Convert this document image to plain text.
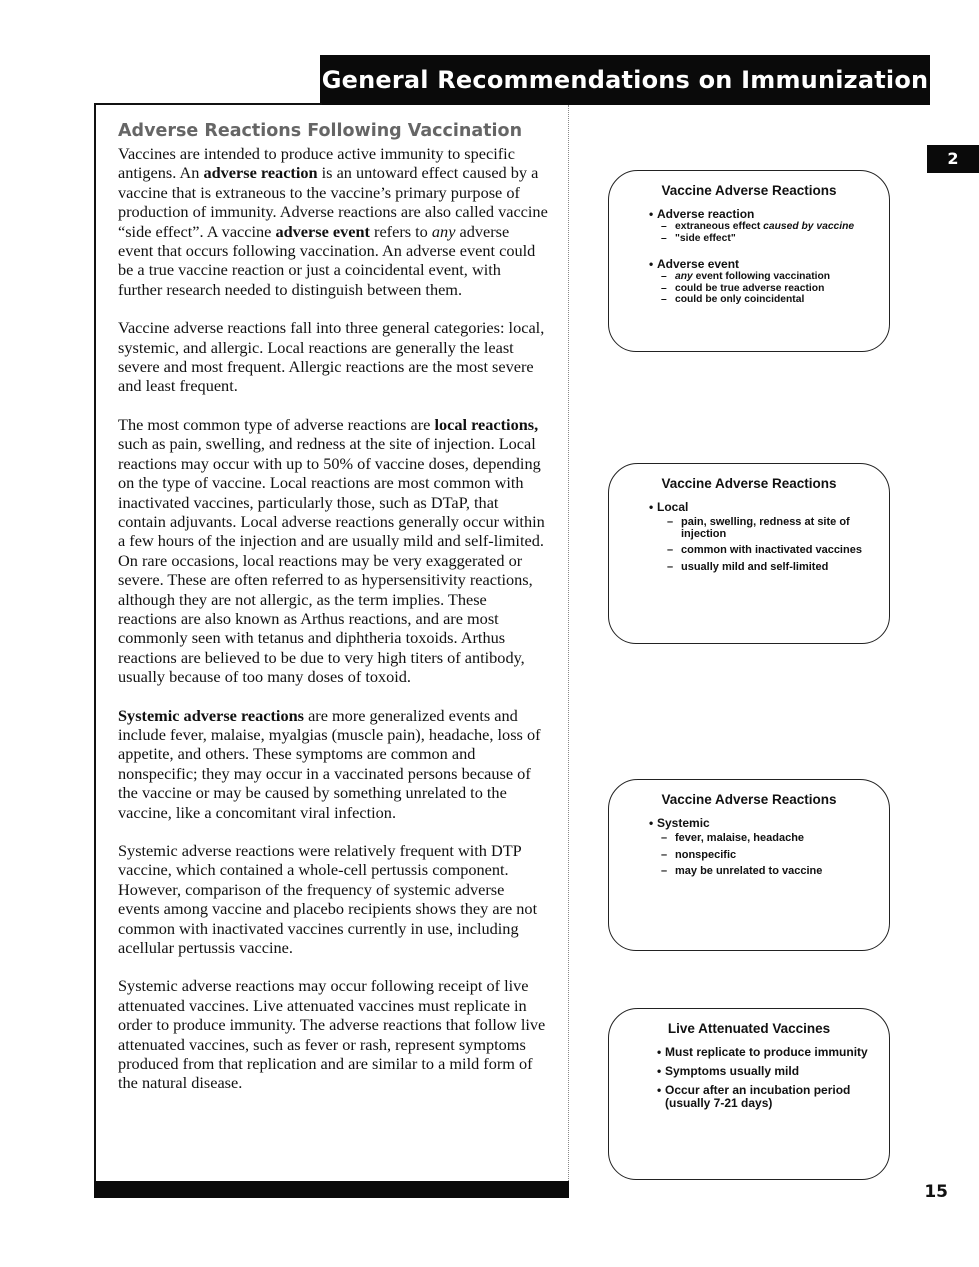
General Recommendations on Immunization
2
Adverse Reactions Following Vaccination

Vaccines are intended to produce active immunity to specific antigens. An adverse reaction is an untoward effect caused by a vaccine that is extraneous to the vaccine’s primary purpose of production of immunity. Adverse reactions are also called vaccine “side effect”. A vaccine adverse event refers to any adverse event that occurs following vaccination. An adverse event could be a true vaccine reaction or just a coincidental event, with further research needed to distinguish between them.

Vaccine adverse reactions fall into three general categories: local, systemic, and allergic. Local reactions are generally the least severe and most frequent. Allergic reactions are the most severe and least frequent.

The most common type of adverse reactions are local reactions, such as pain, swelling, and redness at the site of injection. Local reactions may occur with up to 50% of vaccine doses, depending on the type of vaccine. Local reactions are most common with inactivated vaccines, particularly those, such as DTaP, that contain adjuvants. Local adverse reactions generally occur within a few hours of the injection and are usually mild and self-limited. On rare occasions, local reactions may be very exaggerated or severe. These are often referred to as hypersensitivity reactions, although they are not allergic, as the term implies. These reactions are also known as Arthus reactions, and are most commonly seen with tetanus and diphtheria toxoids. Arthus reactions are believed to be due to very high titers of antibody, usually because of too many doses of toxoid.

Systemic adverse reactions are more generalized events and include fever, malaise, myalgias (muscle pain), headache, loss of appetite, and others. These symptoms are common and nonspecific; they may occur in a vaccinated persons because of the vaccine or may be caused by something unrelated to the vaccine, like a concomitant viral infection.

Systemic adverse reactions were relatively frequent with DTP vaccine, which contained a whole-cell pertussis component. However, comparison of the frequency of systemic adverse events among vaccine and placebo recipients shows they are not common with inactivated vaccines currently in use, including acellular pertussis vaccine.

Systemic adverse reactions may occur following receipt of live attenuated vaccines. Live attenuated vaccines must replicate in order to produce immunity. The adverse reactions that follow live attenuated vaccines, such as fever or rash, represent symptoms produced from that replication and are similar to a mild form of the natural disease.

Vaccine Adverse Reactions
• Adverse reaction
– extraneous effect caused by vaccine
– "side effect"
• Adverse event
– any event following vaccination
– could be true adverse reaction
– could be only coincidental
Vaccine Adverse Reactions
• Local
– pain, swelling, redness at site of injection
– common with inactivated vaccines
– usually mild and self-limited
Vaccine Adverse Reactions
• Systemic
– fever, malaise, headache
– nonspecific
– may be unrelated to vaccine
Live Attenuated Vaccines
• Must replicate to produce immunity
• Symptoms usually mild
• Occur after an incubation period (usually 7-21 days)
15
